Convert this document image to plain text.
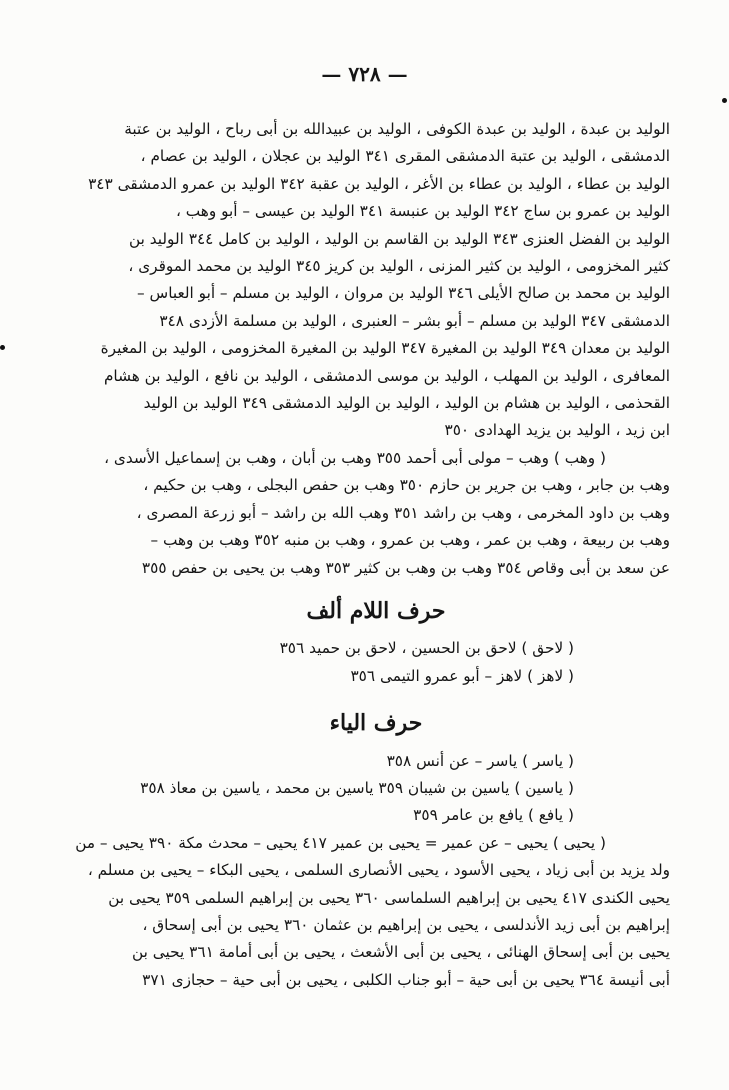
— ٧٢٨ —

الوليد بن عبدة ، الوليد بن عبدة الكوفى ، الوليد بن عبيدالله بن أبى رباح ، الوليد بن عتبة

الدمشقى ، الوليد بن عتبة الدمشقى المقرى ٣٤١ الوليد بن عجلان ، الوليد بن عصام ،

الوليد بن عطاء ، الوليد بن عطاء بن الأغر ، الوليد بن عقبة ٣٤٢ الوليد بن عمرو الدمشقى ٣٤٣

الوليد بن عمرو بن ساج ٣٤٢ الوليد بن عنبسة ٣٤١ الوليد بن عيسى – أبو وهب ،

الوليد بن الفضل العنزى ٣٤٣ الوليد بن القاسم بن الوليد ، الوليد بن كامل ٣٤٤ الوليد بن

كثير المخزومى ، الوليد بن كثير المزنى ، الوليد بن كريز ٣٤٥ الوليد بن محمد الموقرى ،

الوليد بن محمد بن صالح الأيلى ٣٤٦ الوليد بن مروان ، الوليد بن مسلم – أبو العباس –

الدمشقى ٣٤٧ الوليد بن مسلم – أبو بشر – العنبرى ، الوليد بن مسلمة الأزدى ٣٤٨

الوليد بن معدان ٣٤٩ الوليد بن المغيرة ٣٤٧ الوليد بن المغيرة المخزومى ، الوليد بن المغيرة

المعافرى ، الوليد بن المهلب ، الوليد بن موسى الدمشقى ، الوليد بن نافع ، الوليد بن هشام

القحذمى ، الوليد بن هشام بن الوليد ، الوليد بن الوليد الدمشقى ٣٤٩ الوليد بن الوليد

ابن زيد ، الوليد بن يزيد الهدادى ٣٥٠

( وهب ) وهب – مولى أبى أحمد ٣٥٥ وهب بن أبان ، وهب بن إسماعيل الأسدى ،

وهب بن جابر ، وهب بن جرير بن حازم ٣٥٠ وهب بن حفص البجلى ، وهب بن حكيم ،

وهب بن داود المخرمى ، وهب بن راشد ٣٥١ وهب الله بن راشد – أبو زرعة المصرى ،

وهب بن ربيعة ، وهب بن عمر ، وهب بن عمرو ، وهب بن منبه ٣٥٢ وهب بن وهب –

عن سعد بن أبى وقاص ٣٥٤ وهب بن وهب بن كثير ٣٥٣ وهب بن يحيى بن حفص ٣٥٥

حرف اللام ألف

( لاحق ) لاحق بن الحسين ، لاحق بن حميد ٣٥٦

( لاهز ) لاهز – أبو عمرو التيمى ٣٥٦

حرف الياء

( ياسر ) ياسر – عن أنس ٣٥٨

( ياسين ) ياسين بن شيبان ٣٥٩ ياسين بن محمد ، ياسين بن معاذ ٣٥٨

( يافع ) يافع بن عامر ٣٥٩

( يحيى ) يحيى – عن عمير = يحيى بن عمير ٤١٧ يحيى – محدث مكة ٣٩٠ يحيى – من

ولد يزيد بن أبى زياد ، يحيى الأسود ، يحيى الأنصارى السلمى ، يحيى البكاء – يحيى بن مسلم ،

يحيى الكندى ٤١٧ يحيى بن إبراهيم السلماسى ٣٦٠ يحيى بن إبراهيم السلمى ٣٥٩ يحيى بن

إبراهيم بن أبى زيد الأندلسى ، يحيى بن إبراهيم بن عثمان ٣٦٠ يحيى بن أبى إسحاق ،

يحيى بن أبى إسحاق الهنائى ، يحيى بن أبى الأشعث ، يحيى بن أبى أمامة ٣٦١ يحيى بن

أبى أنيسة ٣٦٤ يحيى بن أبى حية – أبو جناب الكلبى ، يحيى بن أبى حية – حجازى ٣٧١
